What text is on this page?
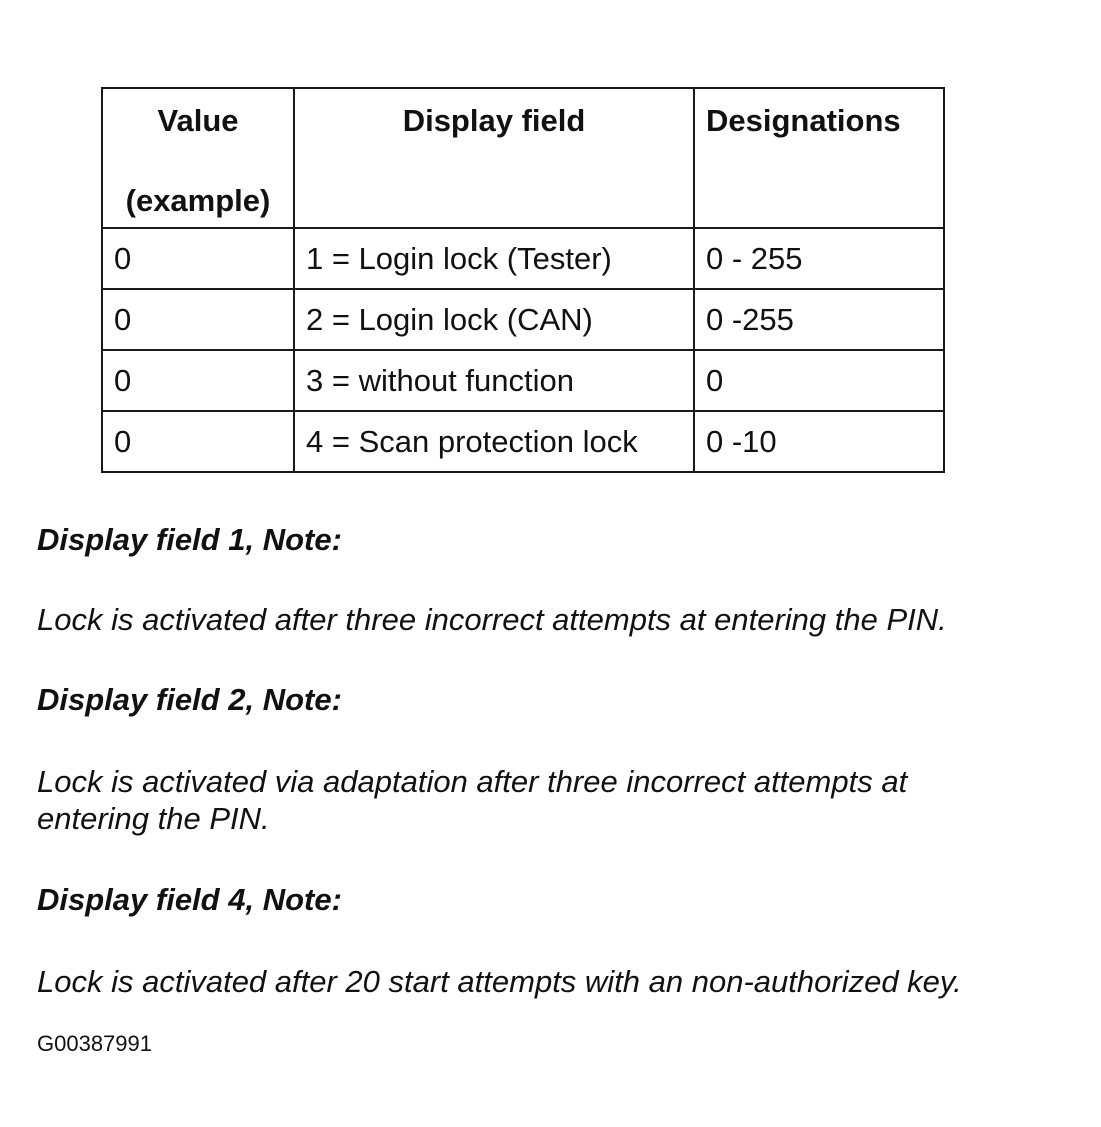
Value
(example)	Display field	Designations
0	1 = Login lock (Tester)	0 - 255
0	2 = Login lock (CAN)	0 -255
0	3 = without function	0
0	4 = Scan protection lock	0 -10
Display field 1, Note:
Lock is activated after three incorrect attempts at entering the PIN.
Display field 2, Note:
Lock is activated via adaptation after three incorrect attempts at entering the PIN.
Display field 4, Note:
Lock is activated after 20 start attempts with an non-authorized key.
G00387991
